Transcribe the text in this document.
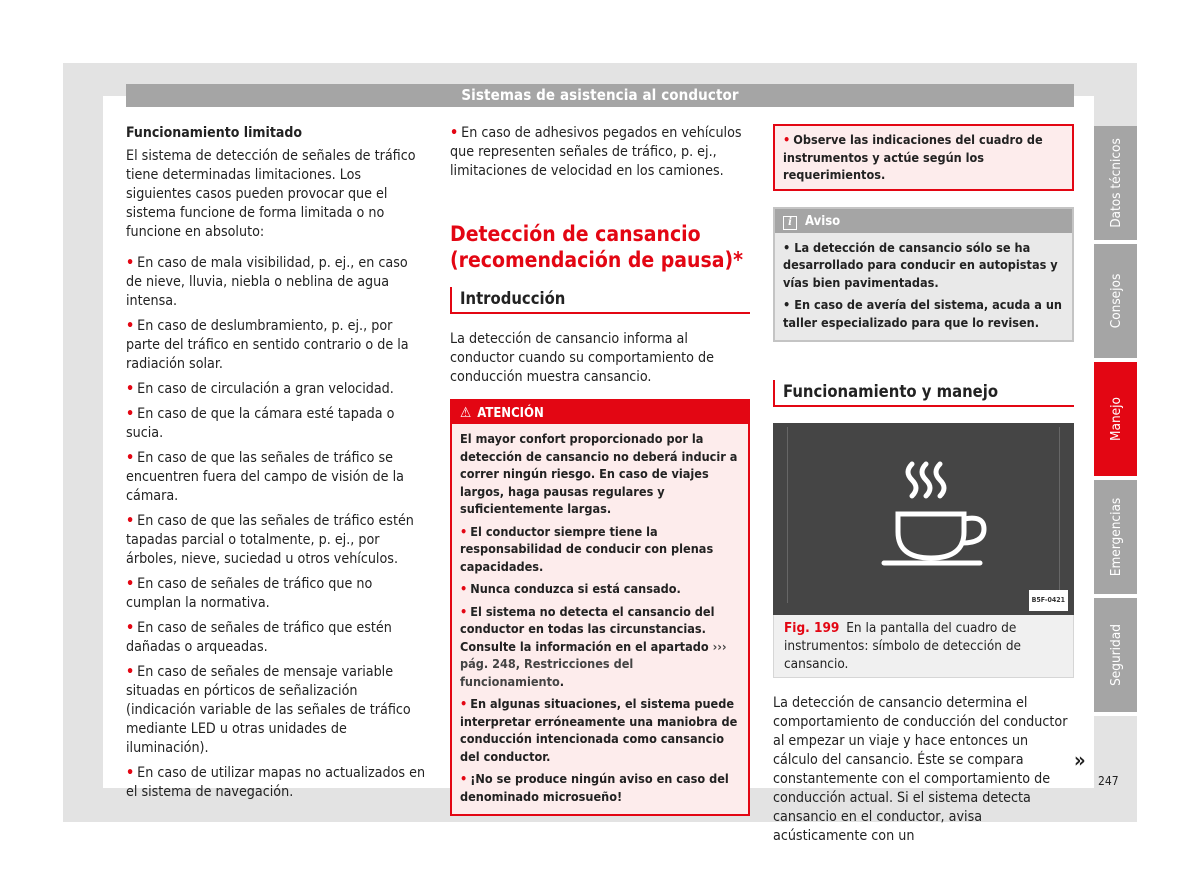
Sistemas de asistencia al conductor

Funcionamiento limitado

El sistema de detección de señales de tráfico tiene determinadas limitaciones. Los siguientes casos pueden provocar que el sistema funcione de forma limitada o no funcione en absoluto:

• En caso de mala visibilidad, p. ej., en caso de nieve, lluvia, niebla o neblina de agua intensa.

• En caso de deslumbramiento, p. ej., por parte del tráfico en sentido contrario o de la radiación solar.

• En caso de circulación a gran velocidad.

• En caso de que la cámara esté tapada o sucia.

• En caso de que las señales de tráfico se encuentren fuera del campo de visión de la cámara.

• En caso de que las señales de tráfico estén tapadas parcial o totalmente, p. ej., por árboles, nieve, suciedad u otros vehículos.

• En caso de señales de tráfico que no cumplan la normativa.

• En caso de señales de tráfico que estén dañadas o arqueadas.

• En caso de señales de mensaje variable situadas en pórticos de señalización (indicación variable de las señales de tráfico mediante LED u otras unidades de iluminación).

• En caso de utilizar mapas no actualizados en el sistema de navegación.

• En caso de adhesivos pegados en vehículos que representen señales de tráfico, p. ej., limitaciones de velocidad en los camiones.

Detección de cansancio (recomendación de pausa)*

Introducción

La detección de cansancio informa al conductor cuando su comportamiento de conducción muestra cansancio.

⚠ ATENCIÓN

El mayor confort proporcionado por la detección de cansancio no deberá inducir a correr ningún riesgo. En caso de viajes largos, haga pausas regulares y suficientemente largas.

• El conductor siempre tiene la responsabilidad de conducir con plenas capacidades.

• Nunca conduzca si está cansado.

• El sistema no detecta el cansancio del conductor en todas las circunstancias. Consulte la información en el apartado ››› pág. 248, Restricciones del funcionamiento.

• En algunas situaciones, el sistema puede interpretar erróneamente una maniobra de conducción intencionada como cansancio del conductor.

• ¡No se produce ningún aviso en caso del denominado microsueño!

• Observe las indicaciones del cuadro de instrumentos y actúe según los requerimientos.
i Aviso

• La detección de cansancio sólo se ha desarrollado para conducir en autopistas y vías bien pavimentadas.

• En caso de avería del sistema, acuda a un taller especializado para que lo revisen.

Funcionamiento y manejo

B5F-0421
Fig. 199 En la pantalla del cuadro de instrumentos: símbolo de detección de cansancio.

La detección de cansancio determina el comportamiento de conducción del conductor al empezar un viaje y hace entonces un cálculo del cansancio. Éste se compara constantemente con el comportamiento de conducción actual. Si el sistema detecta cansancio en el conductor, avisa acústicamente con un

»
247
Datos técnicos
Consejos
Manejo
Emergencias
Seguridad
